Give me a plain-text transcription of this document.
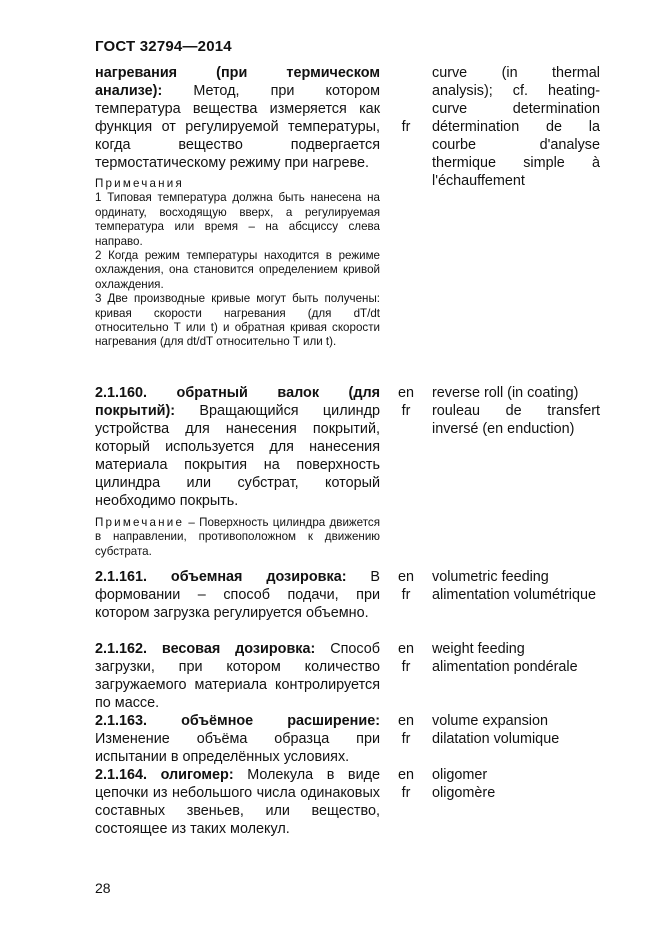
ГОСТ 32794—2014
нагревания (при термическом анализе): Метод, при котором температура вещества измеряется как функция от регулируемой температуры, когда вещество подвергается термостатическому режиму при нагреве.
fr
curve (in thermal analysis); cf. heating-curve determination détermination de la courbe d'analyse thermique simple à l'échauffement

Примечания

1 Типовая температура должна быть нанесена на ординату, восходящую вверх, а регулируемая температура или время – на абсциссу слева направо.

2 Когда режим температуры находится в режиме охлаждения, она становится определением кривой охлаждения.

3 Две производные кривые могут быть получены: кривая скорости нагревания (для dT/dt относительно T или t) и обратная кривая скорости нагревания (для dt/dT относительно T или t).

2.1.160. обратный валок (для покрытий): Вращающийся цилиндр устройства для нанесения покрытий, который используется для нанесения материала покрытия на поверхность цилиндра или субстрат, который необходимо покрыть.
en
fr
reverse roll (in coating)
rouleau de transfert inversé (en enduction)
Примечание – Поверхность цилиндра движется в направлении, противоположном к движению субстрата.
2.1.161. объемная дозировка: В формовании – способ подачи, при котором загрузка регулируется объемно.
en
fr
volumetric feeding
alimentation volumétrique
2.1.162. весовая дозировка: Способ загрузки, при котором количество загружаемого материала контролируется по массе.
en
fr
weight feeding
alimentation pondérale
2.1.163. объёмное расширение: Изменение объёма образца при испытании в определённых условиях.
en
fr
volume expansion
dilatation volumique
2.1.164. олигомер: Молекула в виде цепочки из небольшого числа одинаковых составных звеньев, или вещество, состоящее из таких молекул.
en
fr
oligomer
oligomère
28
